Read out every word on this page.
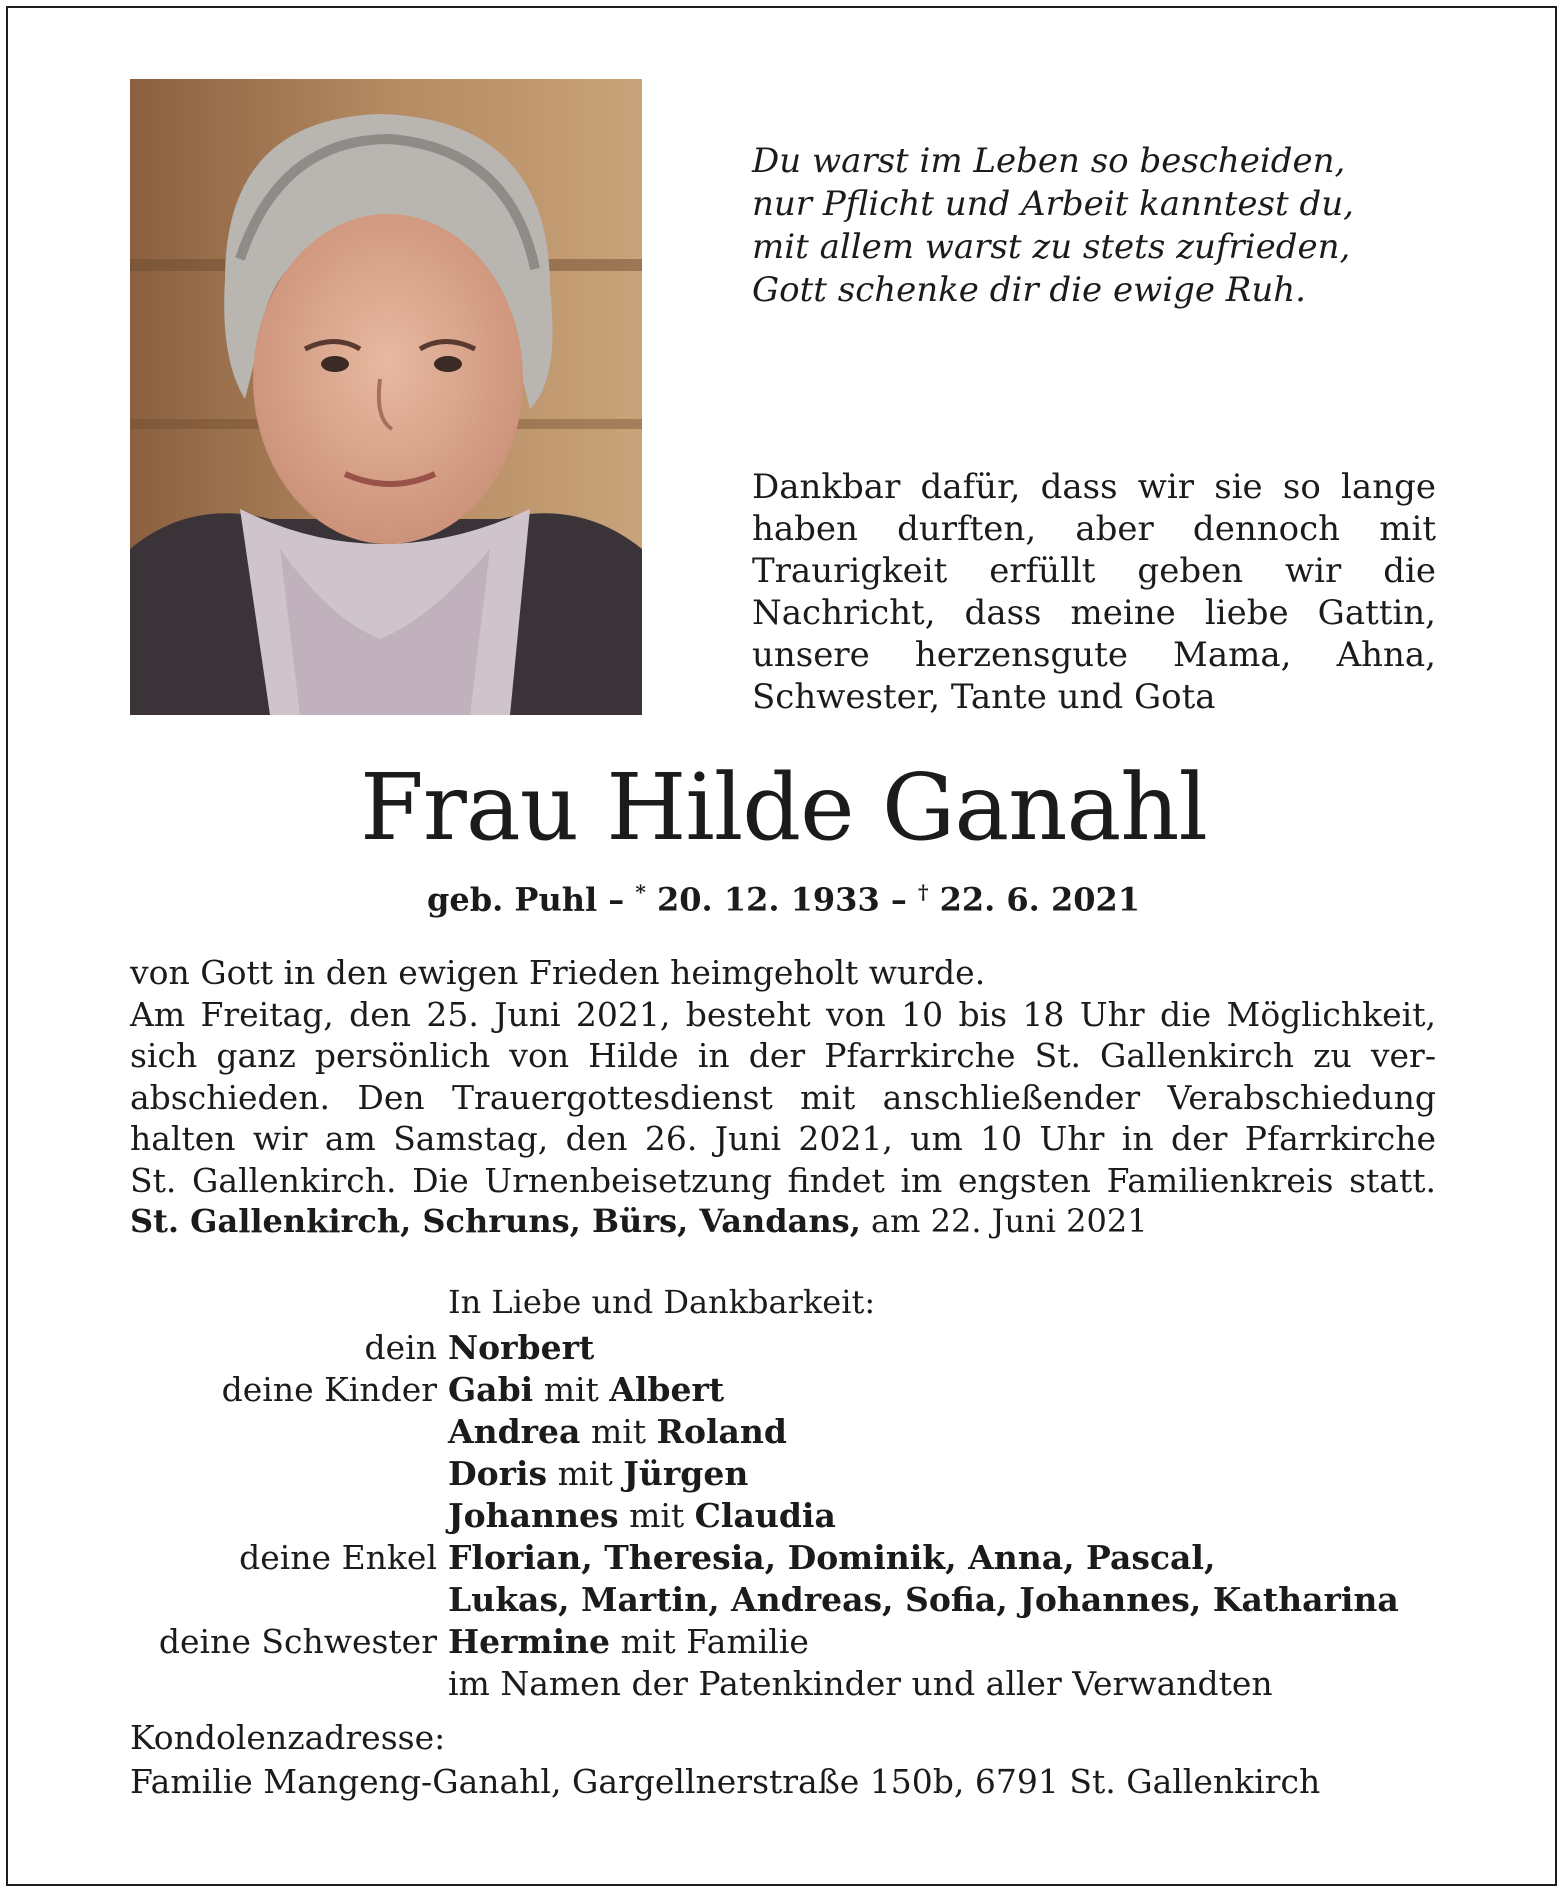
Du warst im Leben so bescheiden,
nur Pflicht und Arbeit kanntest du,
mit allem warst zu stets zufrieden,
Gott schenke dir die ewige Ruh.
Dankbar dafür, dass wir sie so lange haben durften, aber dennoch mit Traurigkeit erfüllt geben wir die Nachricht, dass meine liebe Gattin, unsere herzensgute Mama, Ahna, Schwester, Tante und Gota
Frau Hilde Ganahl
geb. Puhl – * 20. 12. 1933 – † 22. 6. 2021
von Gott in den ewigen Frieden heimgeholt wurde.
Am Freitag, den 25. Juni 2021, besteht von 10 bis 18 Uhr die Möglichkeit,
sich ganz persönlich von Hilde in der Pfarrkirche St. Gallenkirch zu ver-
abschieden. Den Trauergottesdienst mit anschließender Verabschiedung
halten wir am Samstag, den 26. Juni 2021, um 10 Uhr in der Pfarrkirche
St. Gallenkirch. Die Urnenbeisetzung findet im engsten Familienkreis statt.
St. Gallenkirch, Schruns, Bürs, Vandans, am 22. Juni 2021
In Liebe und Dankbarkeit:
dein Norbert
deine Kinder Gabi mit Albert
Andrea mit Roland
Doris mit Jürgen
Johannes mit Claudia
deine Enkel Florian, Theresia, Dominik, Anna, Pascal,
Lukas, Martin, Andreas, Sofia, Johannes, Katharina
deine Schwester Hermine mit Familie
im Namen der Patenkinder und aller Verwandten
Kondolenzadresse:
Familie Mangeng-Ganahl, Gargellnerstraße 150b, 6791 St. Gallenkirch
